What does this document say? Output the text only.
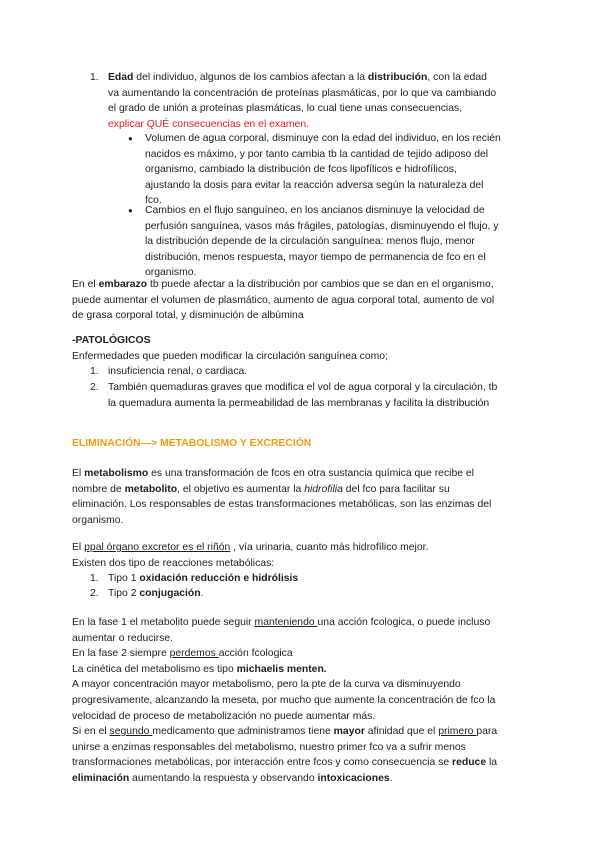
1. Edad del individuo, algunos de los cambios afectan a la distribución, con la edad

va aumentando la concentración de proteínas plasmáticas, por lo que va cambiando

el grado de unión a proteínas plasmáticas, lo cual tiene unas consecuencias,

explicar QUÉ consecuencias en el examen.

● Volumen de agua corporal, disminuye con la edad del individuo, en los recién

nacidos es máximo, y por tanto cambia tb la cantidad de tejido adiposo del

organismo, cambiado la distribución de fcos lipofílicos e hidrofílicos,

ajustando la dosis para evitar la reacción adversa según la naturaleza del

fco.

● Cambios en el flujo sanguíneo, en los ancianos disminuye la velocidad de

perfusión sanguínea, vasos más frágiles, patologías, disminuyendo el flujo, y

la distribución depende de la circulación sanguínea: menos flujo, menor

distribución, menos respuesta, mayor tiempo de permanencia de fco en el

organismo.

En el embarazo tb puede afectar a la distribución por cambios que se dan en el organismo,

puede aumentar el volumen de plasmático, aumento de agua corporal total, aumento de vol

de grasa corporal total, y disminución de albúmina

-PATOLÓGICOS

Enfermedades que pueden modificar la circulación sanguínea como;

1. insuficiencia renal, o cardiaca.

2. También quemaduras graves que modifica el vol de agua corporal y la circulación, tb

la quemadura aumenta la permeabilidad de las membranas y facilita la distribución

ELIMINACIÓN—> METABOLISMO Y EXCRECIÓN

El metabolismo es una transformación de fcos en otra sustancia química que recibe el

nombre de metabolito, el objetivo es aumentar la hidrofilia del fco para facilitar su

eliminación. Los responsables de estas transformaciones metabólicas, son las enzimas del

organismo.

El ppal órgano excretor es el riñón , vía urinaria, cuanto más hidrofílico mejor.

Existen dos tipo de reacciones metabólicas:

1. Tipo 1 oxidación reducción e hidrólisis

2. Tipo 2 conjugación.

En la fase 1 el metabolito puede seguir manteniendo una acción fcologica, o puede incluso

aumentar o reducirse.

En la fase 2 siempre perdemos acción fcologica

La cinética del metabolismo es tipo michaelis menten.

A mayor concentración mayor metabolismo, pero la pte de la curva va disminuyendo

progresivamente, alcanzando la meseta, por mucho que aumente la concentración de fco la

velocidad de proceso de metabolización no puede aumentar más.

Si en el segundo medicamento que administramos tiene mayor afinidad que el primero para

unirse a enzimas responsables del metabolismo, nuestro primer fco va a sufrir menos

transformaciones metabólicas, por interacción entre fcos y como consecuencia se reduce la

eliminación aumentando la respuesta y observando intoxicaciones.
